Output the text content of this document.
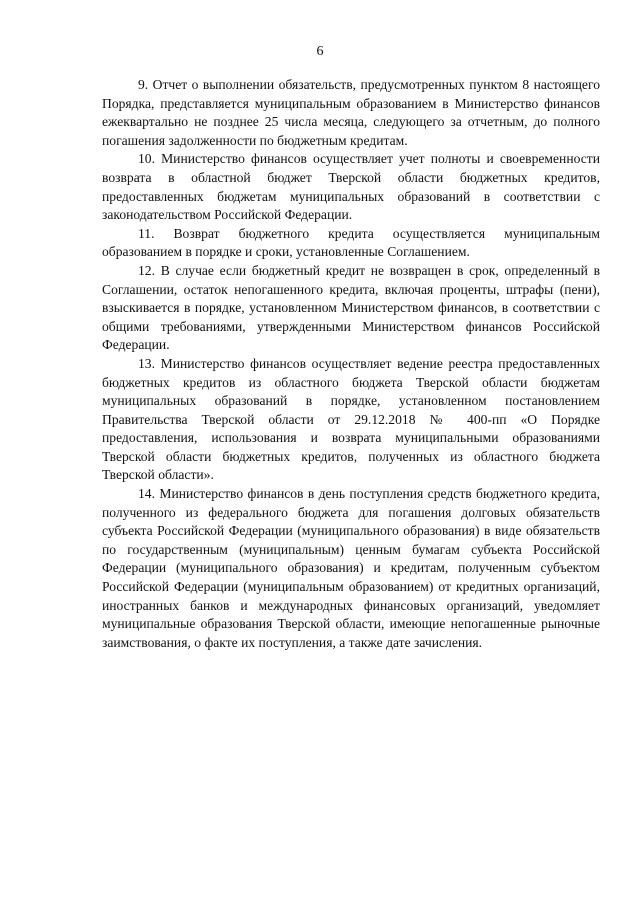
6

9. Отчет о выполнении обязательств, предусмотренных пунктом 8 настоящего Порядка, представляется муниципальным образованием в Министерство финансов ежеквартально не позднее 25 числа месяца, следующего за отчетным, до полного погашения задолженности по бюджетным кредитам.

10. Министерство финансов осуществляет учет полноты и своевременности возврата в областной бюджет Тверской области бюджетных кредитов, предоставленных бюджетам муниципальных образований в соответствии с законодательством Российской Федерации.

11. Возврат бюджетного кредита осуществляется муниципальным образованием в порядке и сроки, установленные Соглашением.

12. В случае если бюджетный кредит не возвращен в срок, определенный в Соглашении, остаток непогашенного кредита, включая проценты, штрафы (пени), взыскивается в порядке, установленном Министерством финансов, в соответствии с общими требованиями, утвержденными Министерством финансов Российской Федерации.

13. Министерство финансов осуществляет ведение реестра предоставленных бюджетных кредитов из областного бюджета Тверской области бюджетам муниципальных образований в порядке, установленном постановлением Правительства Тверской области от 29.12.2018 № 400-пп «О Порядке предоставления, использования и возврата муниципальными образованиями Тверской области бюджетных кредитов, полученных из областного бюджета Тверской области».

14. Министерство финансов в день поступления средств бюджетного кредита, полученного из федерального бюджета для погашения долговых обязательств субъекта Российской Федерации (муниципального образования) в виде обязательств по государственным (муниципальным) ценным бумагам субъекта Российской Федерации (муниципального образования) и кредитам, полученным субъектом Российской Федерации (муниципальным образованием) от кредитных организаций, иностранных банков и международных финансовых организаций, уведомляет муниципальные образования Тверской области, имеющие непогашенные рыночные заимствования, о факте их поступления, а также дате зачисления.
